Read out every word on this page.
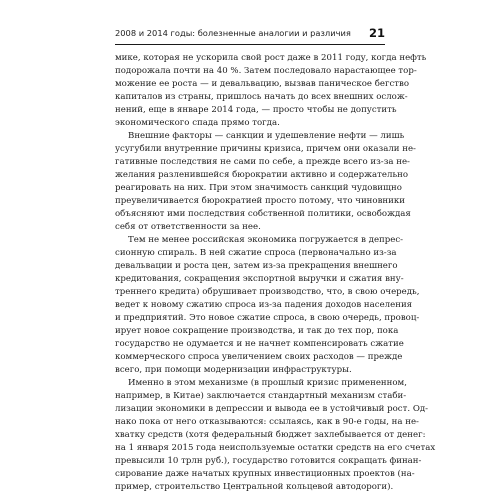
2008 и 2014 годы: болезненные аналогии и различия 21
мике, которая не ускорила свой рост даже в 2011 году, когда нефть
подорожала почти на 40 %. Затем последовало нарастающее тор-
можение ее роста — и девальвацию, вызвав паническое бегство
капиталов из страны, пришлось начать до всех внешних ослож-
нений, еще в январе 2014 года, — просто чтобы не допустить
экономического спада прямо тогда.
Внешние факторы — санкции и удешевление нефти — лишь
усугубили внутренние причины кризиса, причем они оказали не-
гативные последствия не сами по себе, а прежде всего из-за не-
желания разленившейся бюрократии активно и содержательно
реагировать на них. При этом значимость санкций чудовищно
преувеличивается бюрократией просто потому, что чиновники
объясняют ими последствия собственной политики, освобождая
себя от ответственности за нее.
Тем не менее российская экономика погружается в депрес-
сионную спираль. В ней сжатие спроса (первоначально из-за
девальвации и роста цен, затем из-за прекращения внешнего
кредитования, сокращения экспортной выручки и сжатия вну-
треннего кредита) обрушивает производство, что, в свою очередь,
ведет к новому сжатию спроса из-за падения доходов населения
и предприятий. Это новое сжатие спроса, в свою очередь, провоц-
ирует новое сокращение производства, и так до тех пор, пока
государство не одумается и не начнет компенсировать сжатие
коммерческого спроса увеличением своих расходов — прежде
всего, при помощи модернизации инфраструктуры.
Именно в этом механизме (в прошлый кризис примененном,
например, в Китае) заключается стандартный механизм стаби-
лизации экономики в депрессии и вывода ее в устойчивый рост. Од-
нако пока от него отказываются: ссылаясь, как в 90-е годы, на не-
хватку средств (хотя федеральный бюджет захлебывается от денег:
на 1 января 2015 года неиспользуемые остатки средств на его счетах
превысили 10 трлн руб.), государство готовится сокращать финан-
сирование даже начатых крупных инвестиционных проектов (на-
пример, строительство Центральной кольцевой автодороги).
